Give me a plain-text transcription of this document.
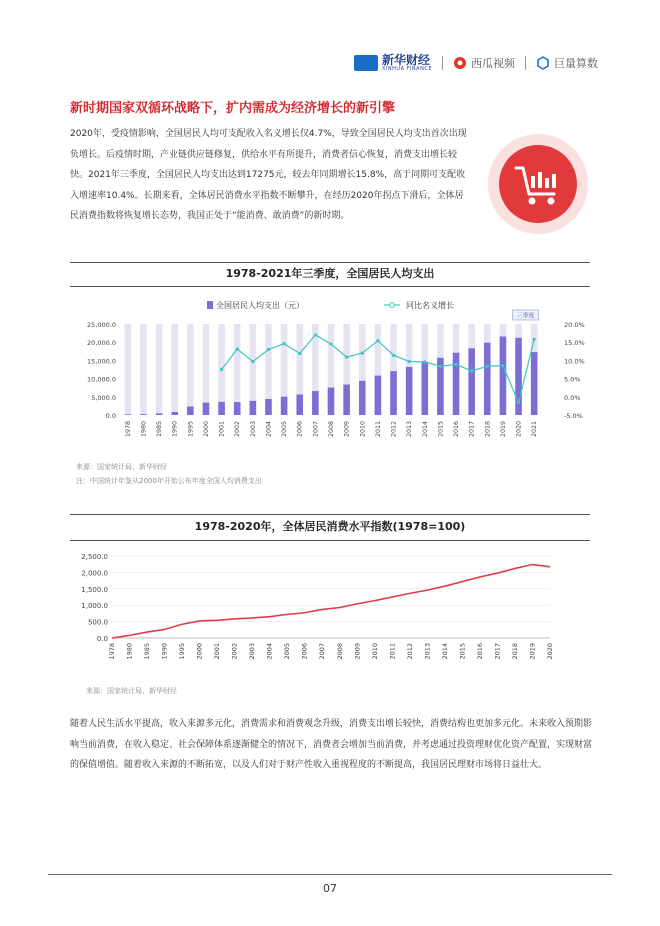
新华财经
XINHUA FINANCE	西瓜视频	巨量算数
新时期国家双循环战略下，扩内需成为经济增长的新引擎
2020年，受疫情影响，全国居民人均可支配收入名义增长仅4.7%，导致全国居民人均支出首次出现负增长。后疫情时期，产业链供应链修复，供给水平有所提升，消费者信心恢复，消费支出增长较快。2021年三季度，全国居民人均支出达到17275元，较去年同期增长15.8%，高于同期可支配收入增速率10.4%。长期来看，全体居民消费水平指数不断攀升，在经历2020年拐点下滑后，全体居民消费指数将恢复增长态势，我国正处于“能消费、敢消费”的新时期。
1978-2021年三季度，全国居民人均支出
全国居民人均支出（元）	同比名义增长
25,000.0
20,000.0
15,000.0
10,000.0
5,000.0
0.0
20.0%
15.0%
10.0%
5.0%
0.0%
-5.0%
1978 1980 1985 1990 1995 2000 2001 2002 2003 2004 2005 2006 2007 2008 2009 2010 2011 2012 2013 2014 2015 2016 2017 2018 2019 2020 2021
三季度
来源：国家统计局、新华财经
注：中国统计年鉴从2000年开始公布年度全国人均消费支出
1978-2020年，全体居民消费水平指数(1978=100)
2,500.0
2,000.0
1,500.0
1,000.0
500.0
0.0
1978 1980 1985 1990 1995 2000 2001 2002 2003 2004 2005 2006 2007 2008 2009 2010 2011 2012 2013 2014 2015 2016 2017 2018 2019 2020
来源：国家统计局、新华财经
随着人民生活水平提高，收入来源多元化，消费需求和消费观念升级，消费支出增长较快，消费结构也更加多元化。未来收入预期影响当前消费，在收入稳定、社会保障体系逐渐健全的情况下，消费者会增加当前消费，并考虑通过投资理财优化资产配置，实现财富的保值增值。随着收入来源的不断拓宽，以及人们对于财产性收入重视程度的不断提高，我国居民理财市场将日益壮大。
07
